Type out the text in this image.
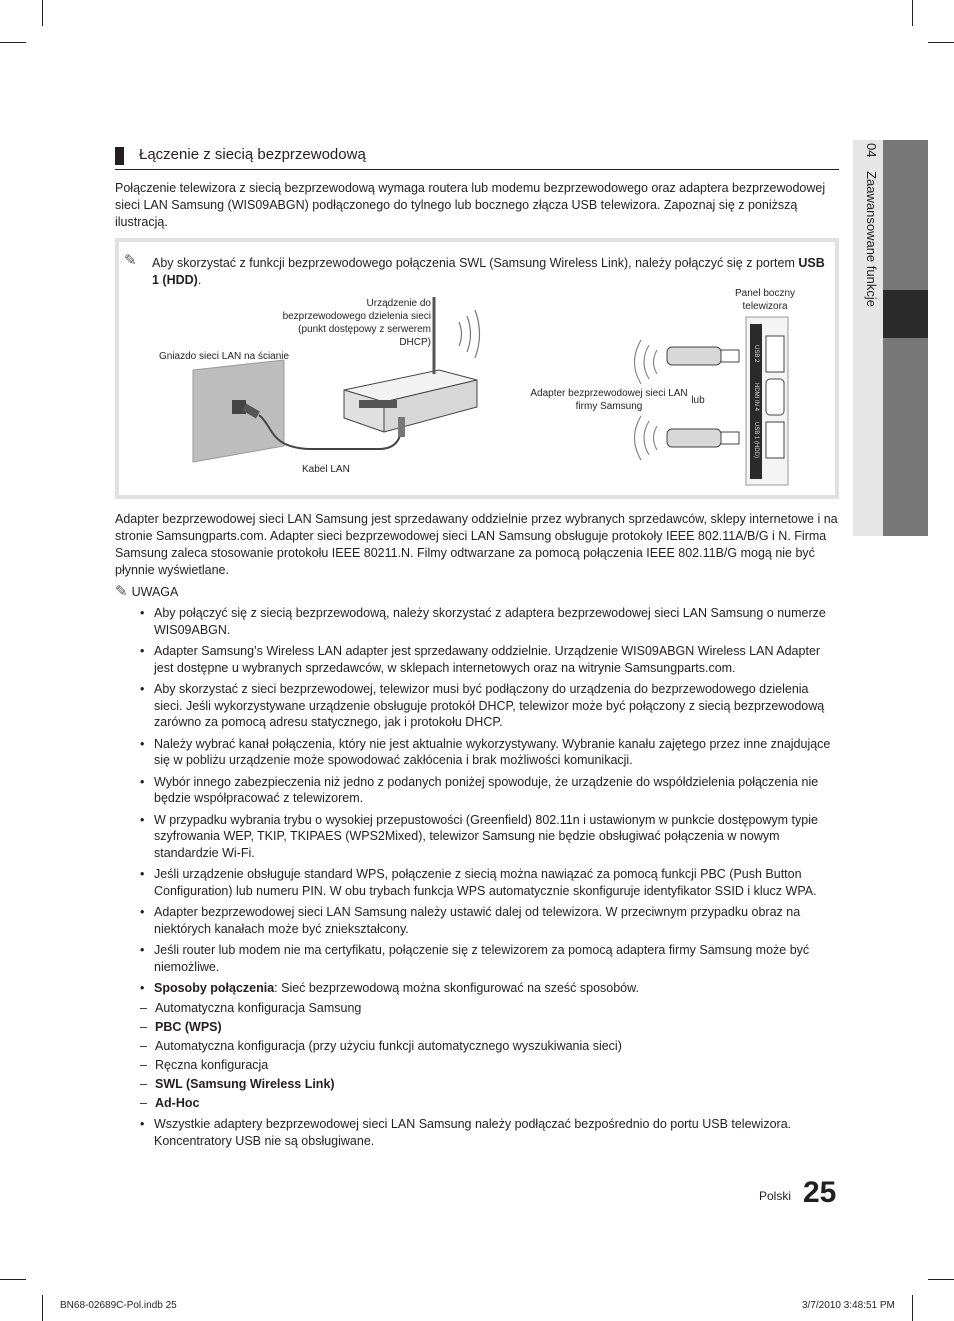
04 Zaawansowane funkcje
Łączenie z siecią bezprzewodową
Połączenie telewizora z siecią bezprzewodową wymaga routera lub modemu bezprzewodowego oraz adaptera bezprzewodowej sieci LAN Samsung (WIS09ABGN) podłączonego do tylnego lub bocznego złącza USB telewizora. Zapoznaj się z poniższą ilustracją.
✎ Aby skorzystać z funkcji bezprzewodowego połączenia SWL (Samsung Wireless Link), należy połączyć się z portem USB 1 (HDD).
Urządzenie do bezprzewodowego dzielenia sieci (punkt dostępowy z serwerem DHCP)
Gniazdo sieci LAN na ścianie
Kabel LAN
Panel boczny telewizora
Adapter bezprzewodowej sieci LAN firmy Samsung
lub
USB 2
HDMI IN 4
USB 1 (HDD)
Adapter bezprzewodowej sieci LAN Samsung jest sprzedawany oddzielnie przez wybranych sprzedawców, sklepy internetowe i na stronie Samsungparts.com. Adapter sieci bezprzewodowej sieci LAN Samsung obsługuje protokoły IEEE 802.11A/B/G i N. Firma Samsung zaleca stosowanie protokołu IEEE 80211.N. Filmy odtwarzane za pomocą połączenia IEEE 802.11B/G mogą nie być płynnie wyświetlane.
✎ UWAGA
• Aby połączyć się z siecią bezprzewodową, należy skorzystać z adaptera bezprzewodowej sieci LAN Samsung o numerze WIS09ABGN.
• Adapter Samsung’s Wireless LAN adapter jest sprzedawany oddzielnie. Urządzenie WIS09ABGN Wireless LAN Adapter jest dostępne u wybranych sprzedawców, w sklepach internetowych oraz na witrynie Samsungparts.com.
• Aby skorzystać z sieci bezprzewodowej, telewizor musi być podłączony do urządzenia do bezprzewodowego dzielenia sieci. Jeśli wykorzystywane urządzenie obsługuje protokół DHCP, telewizor może być połączony z siecią bezprzewodową zarówno za pomocą adresu statycznego, jak i protokołu DHCP.
• Należy wybrać kanał połączenia, który nie jest aktualnie wykorzystywany. Wybranie kanału zajętego przez inne znajdujące się w pobliżu urządzenie może spowodować zakłócenia i brak możliwości komunikacji.
• Wybór innego zabezpieczenia niż jedno z podanych poniżej spowoduje, że urządzenie do współdzielenia połączenia nie będzie współpracować z telewizorem.
• W przypadku wybrania trybu o wysokiej przepustowości (Greenfield) 802.11n i ustawionym w punkcie dostępowym typie szyfrowania WEP, TKIP, TKIPAES (WPS2Mixed), telewizor Samsung nie będzie obsługiwać połączenia w nowym standardzie Wi-Fi.
• Jeśli urządzenie obsługuje standard WPS, połączenie z siecią można nawiązać za pomocą funkcji PBC (Push Button Configuration) lub numeru PIN. W obu trybach funkcja WPS automatycznie skonfiguruje identyfikator SSID i klucz WPA.
• Adapter bezprzewodowej sieci LAN Samsung należy ustawić dalej od telewizora. W przeciwnym przypadku obraz na niektórych kanałach może być zniekształcony.
• Jeśli router lub modem nie ma certyfikatu, połączenie się z telewizorem za pomocą adaptera firmy Samsung może być niemożliwe.
• Sposoby połączenia: Sieć bezprzewodową można skonfigurować na sześć sposobów.
– Automatyczna konfiguracja Samsung
– PBC (WPS)
– Automatyczna konfiguracja (przy użyciu funkcji automatycznego wyszukiwania sieci)
– Ręczna konfiguracja
– SWL (Samsung Wireless Link)
– Ad-Hoc
• Wszystkie adaptery bezprzewodowej sieci LAN Samsung należy podłączać bezpośrednio do portu USB telewizora. Koncentratory USB nie są obsługiwane.
Polski 25
BN68-02689C-Pol.indb 25	3/7/2010 3:48:51 PM
